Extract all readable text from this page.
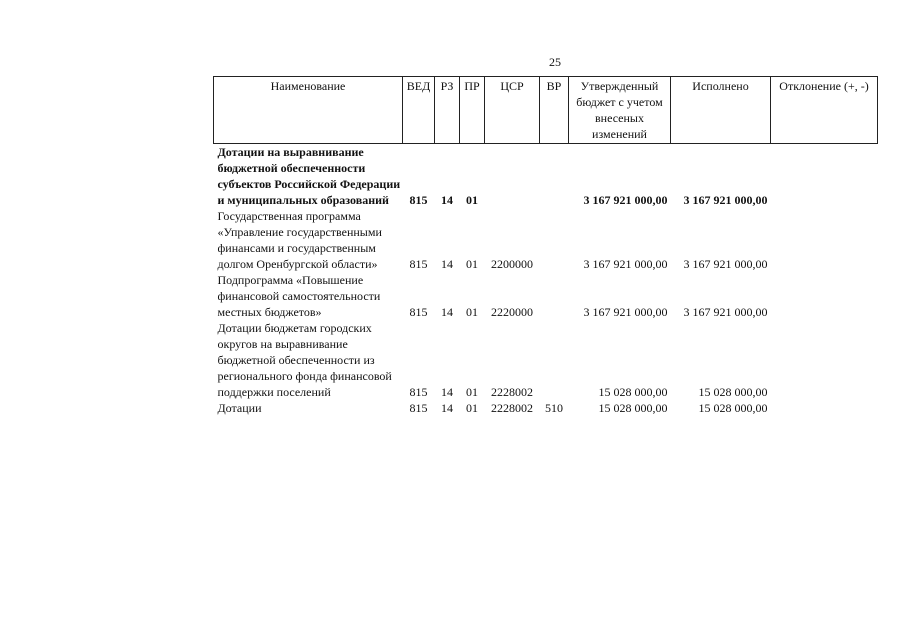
25
Наименование	ВЕД	РЗ	ПР	ЦСР	ВР	Утвержденный бюджет с учетом внесеных изменений	Исполнено	Отклонение (+, -)
Дотации на выравнивание бюджетной обеспеченности субъектов Российской Федерации и муниципальных образований	815	14	01			3 167 921 000,00	3 167 921 000,00	
Государственная программа «Управление государственными финансами и государственным долгом Оренбургской области»	815	14	01	2200000		3 167 921 000,00	3 167 921 000,00	
Подпрограмма «Повышение финансовой самостоятельности местных бюджетов»	815	14	01	2220000		3 167 921 000,00	3 167 921 000,00	
Дотации бюджетам городских округов на выравнивание бюджетной обеспеченности из регионального фонда финансовой поддержки поселений	815	14	01	2228002		15 028 000,00	15 028 000,00	
Дотации	815	14	01	2228002	510	15 028 000,00	15 028 000,00	
